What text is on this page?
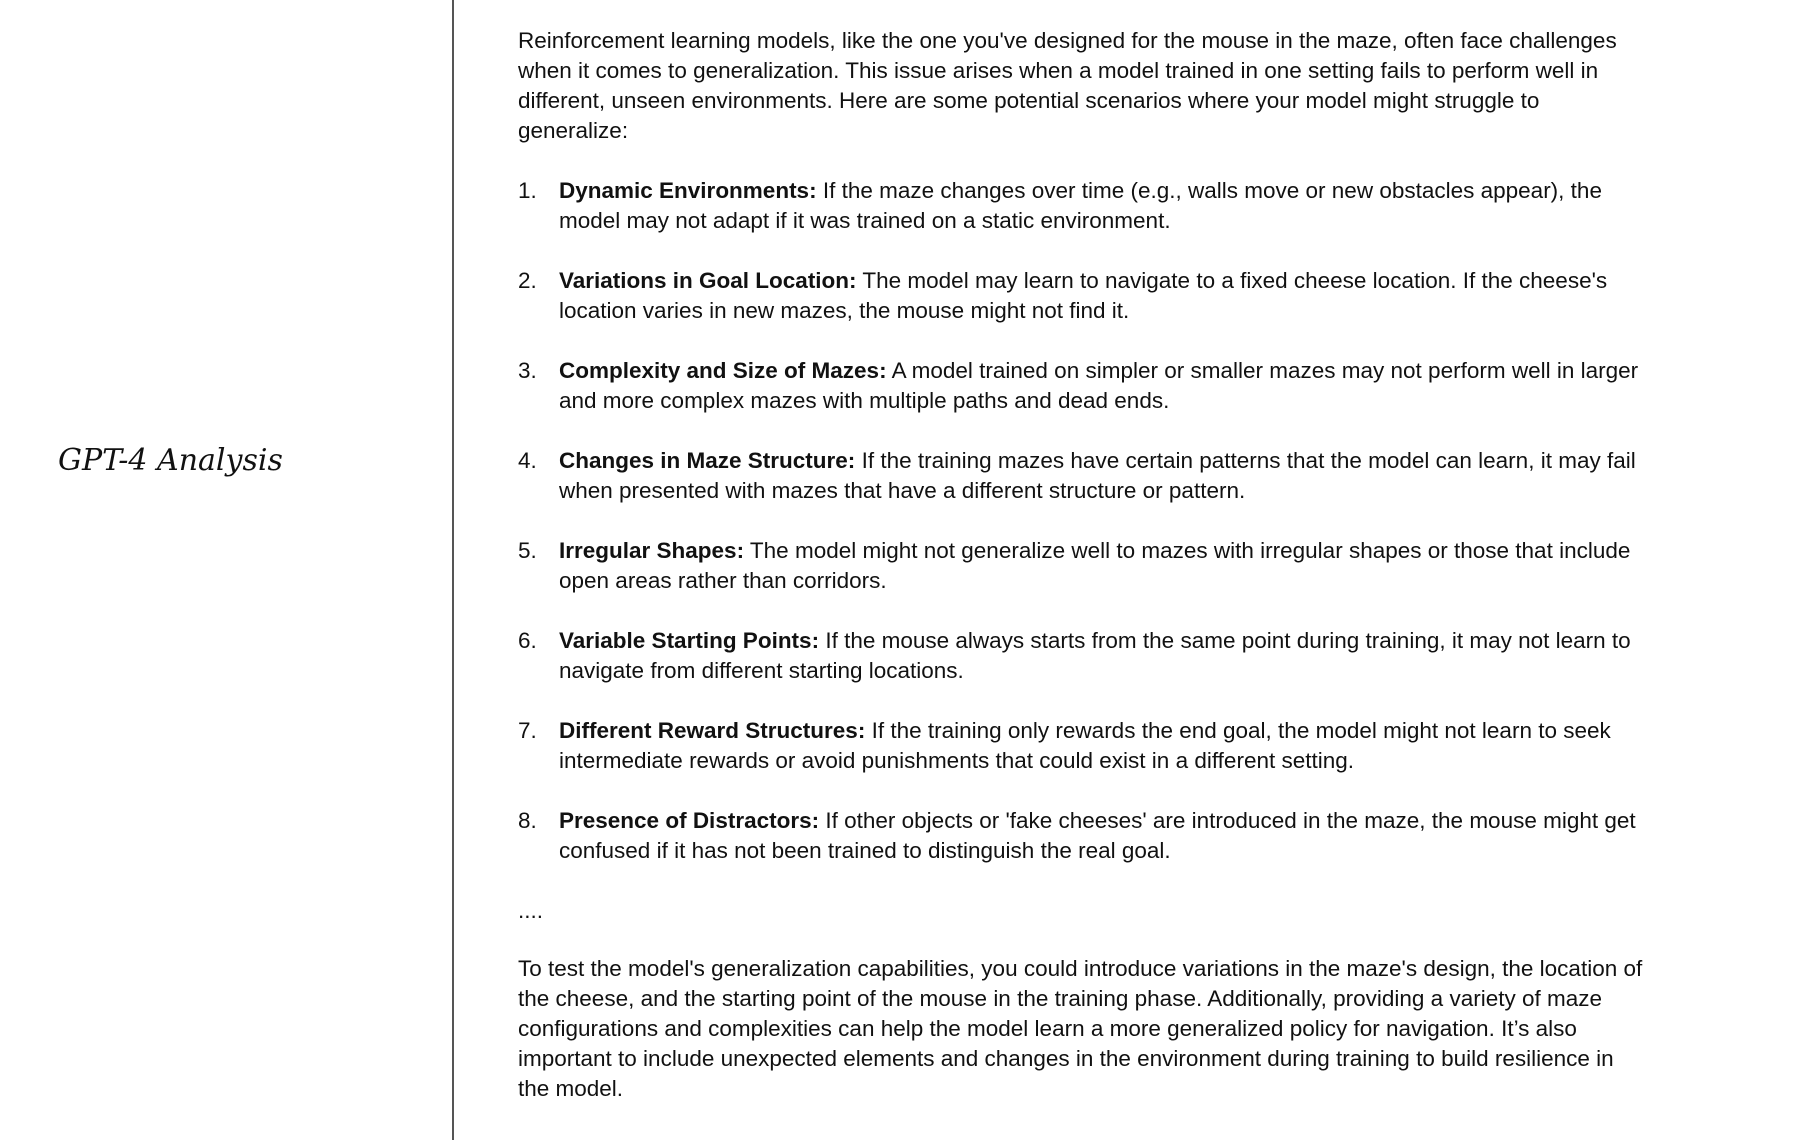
GPT-4 Analysis

Reinforcement learning models, like the one you've designed for the mouse in the maze, often face challenges when it comes to generalization. This issue arises when a model trained in one setting fails to perform well in different, unseen environments. Here are some potential scenarios where your model might struggle to generalize:

1. Dynamic Environments: If the maze changes over time (e.g., walls move or new obstacles appear), the model may not adapt if it was trained on a static environment.
2. Variations in Goal Location: The model may learn to navigate to a fixed cheese location. If the cheese's location varies in new mazes, the mouse might not find it.
3. Complexity and Size of Mazes: A model trained on simpler or smaller mazes may not perform well in larger and more complex mazes with multiple paths and dead ends.
4. Changes in Maze Structure: If the training mazes have certain patterns that the model can learn, it may fail when presented with mazes that have a different structure or pattern.
5. Irregular Shapes: The model might not generalize well to mazes with irregular shapes or those that include open areas rather than corridors.
6. Variable Starting Points: If the mouse always starts from the same point during training, it may not learn to navigate from different starting locations.
7. Different Reward Structures: If the training only rewards the end goal, the model might not learn to seek intermediate rewards or avoid punishments that could exist in a different setting.
8. Presence of Distractors: If other objects or 'fake cheeses' are introduced in the maze, the mouse might get confused if it has not been trained to distinguish the real goal.

....

To test the model's generalization capabilities, you could introduce variations in the maze's design, the location of the cheese, and the starting point of the mouse in the training phase. Additionally, providing a variety of maze configurations and complexities can help the model learn a more generalized policy for navigation. It’s also important to include unexpected elements and changes in the environment during training to build resilience in the model.
